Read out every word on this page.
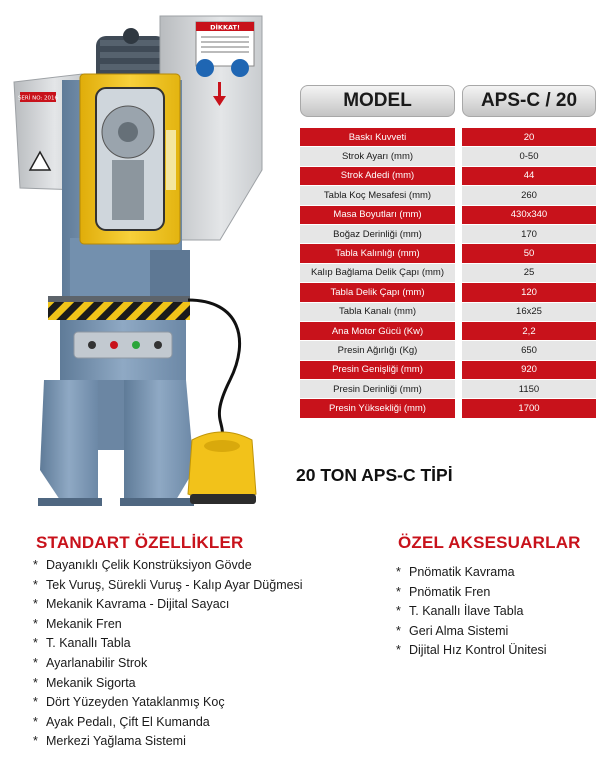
DİKKAT!
SERİ NO: 2016	MODEL	APS-C / 20
Baskı Kuvveti	20
Strok Ayarı (mm)	0-50
Strok Adedi (mm)	44
Tabla Koç Mesafesi (mm)	260
Masa Boyutları (mm)	430x340
Boğaz Derinliği (mm)	170
Tabla Kalınlığı (mm)	50
Kalıp Bağlama Delik Çapı (mm)	25
Tabla Delik Çapı (mm)	120
Tabla Kanalı (mm)	16x25
Ana Motor Gücü (Kw)	2,2
Presin Ağırlığı (Kg)	650
Presin Genişliği (mm)	920
Presin Derinliği (mm)	1150
Presin Yüksekliği (mm)	1700
20 TON APS-C TİPİ
STANDART ÖZELLİKLER
* Dayanıklı Çelik Konstrüksiyon Gövde
* Tek Vuruş, Sürekli Vuruş - Kalıp Ayar Düğmesi
* Mekanik Kavrama - Dijital Sayacı
* Mekanik Fren
* T. Kanallı Tabla
* Ayarlanabilir Strok
* Mekanik Sigorta
* Dört Yüzeyden Yataklanmış Koç
* Ayak Pedalı, Çift El Kumanda
* Merkezi Yağlama Sistemi
ÖZEL AKSESUARLAR
* Pnömatik Kavrama
* Pnömatik Fren
* T. Kanallı İlave Tabla
* Geri Alma Sistemi
* Dijital Hız Kontrol Ünitesi
